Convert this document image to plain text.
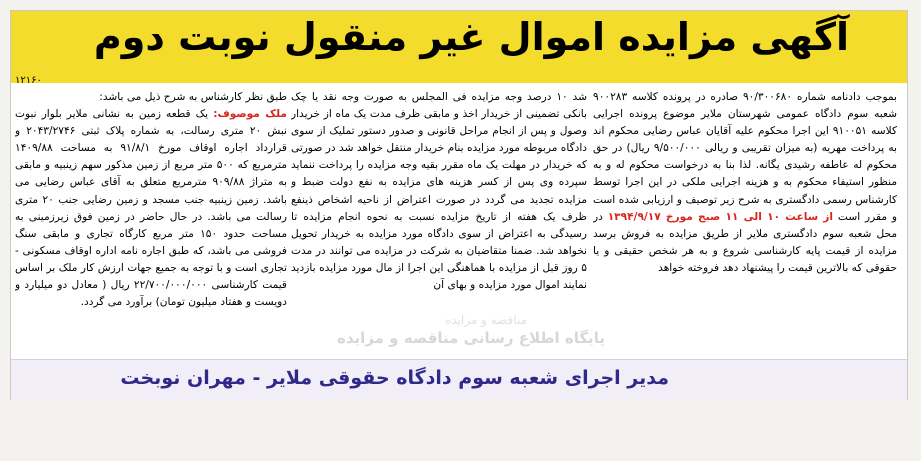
آگهی مزایده اموال غیر منقول نوبت دوم
۱۲۱۶۰
بموجب دادنامه شماره ۹۰/۳۰۰۶۸۰ صادره در پرونده کلاسه ۹۰۰۲۸۳ شعبه سوم دادگاه عمومی شهرستان ملایر موضوع پرونده اجرایی کلاسه ۹۱۰۰۵۱ این اجرا محکوم علیه آقایان عباس رضایی محکوم اند به پرداخت مهریه (به میزان تقریبی و ریالی ۹/۵۰۰/۰۰۰ ریال) در حق محکوم له عاطفه رشیدی یگانه. لذا بنا به درخواست محکوم له و به منظور استیفاء محکوم به و هزینه اجرایی ملکی در این اجرا توسط کارشناس رسمی دادگستری به شرح زیر توصیف و ارزیابی شده است و مقرر است از ساعت ۱۰ الی ۱۱ صبح مورخ ۱۳۹۴/۹/۱۷ در محل شعبه سوم دادگستری ملایر از طریق مزایده به فروش برسد مزایده از قیمت پایه کارشناسی شروع و به هر شخص حقیقی و یا حقوقی که بالاترین قیمت را پیشنهاد دهد فروخته خواهد
شد ۱۰ درصد وجه مزایده فی المجلس به صورت وجه نقد یا چک بانکی تضمینی از خریدار اخذ و مابقی ظرف مدت یک ماه از خریدار وصول و پس از انجام مراحل قانونی و صدور دستور تملیک از سوی دادگاه مربوطه مورد مزایده بنام خریدار منتقل خواهد شد در صورتی که خریدار در مهلت یک ماه مقرر بقیه وجه مزایده را پرداخت ننماید سپرده وی پس از کسر هزینه های مزایده به نفع دولت ضبط و مزایده تجدید می گردد در صورت اعتراض از ناحیه اشخاص ذینفع ظرف یک هفته از تاریخ مزایده نسبت به نحوه انجام مزایده تا رسیدگی به اعتراض از سوی دادگاه مورد مزایده به خریدار تحویل نخواهد شد. ضمنا متقاضیان به شرکت در مزایده می توانند در مدت ۵ روز قبل از مزایده با هماهنگی این اجرا از مال مورد مزایده بازدید نمایند اموال مورد مزایده و بهای آن
طبق نظر کارشناس به شرح ذیل می باشد:
ملک موصوف: یک قطعه زمین به نشانی ملایر بلوار نبوت نبش ۲۰ متری رسالت، به شماره پلاک ثبتی ۲۰۴۳/۲۷۴۶ و قرارداد اجاره اوقاف مورخ ۹۱/۸/۱ به مساحت ۱۴۰۹/۸۸ مترمربع که ۵۰۰ متر مربع از زمین مذکور سهم زینبیه و مابقی به متراژ ۹۰۹/۸۸ مترمربع متعلق به آقای عباس رضایی می باشد. زمین زینبیه جنب مسجد و زمین رضایی جنب ۲۰ متری رسالت می باشد. در حال حاضر در زمین فوق زیرزمینی به مساحت حدود ۱۵۰ متر مربع کارگاه تجاری و مابقی سنگ فروشی می باشد، که طبق اجاره نامه اداره اوقاف مسکونی - تجاری است و با توجه به جمیع جهات ارزش کار ملک بر اساس قیمت کارشناسی ۲۲/۷۰۰/۰۰۰/۰۰۰ ریال ( معادل دو میلیارد و دویست و هفتاد میلیون تومان) برآورد می گردد.
مناقصه و مزایده
پایگاه اطلاع رسانی مناقصه و مزایده
مدیر اجرای شعبه سوم دادگاه حقوقی ملایر - مهران نوبخت
